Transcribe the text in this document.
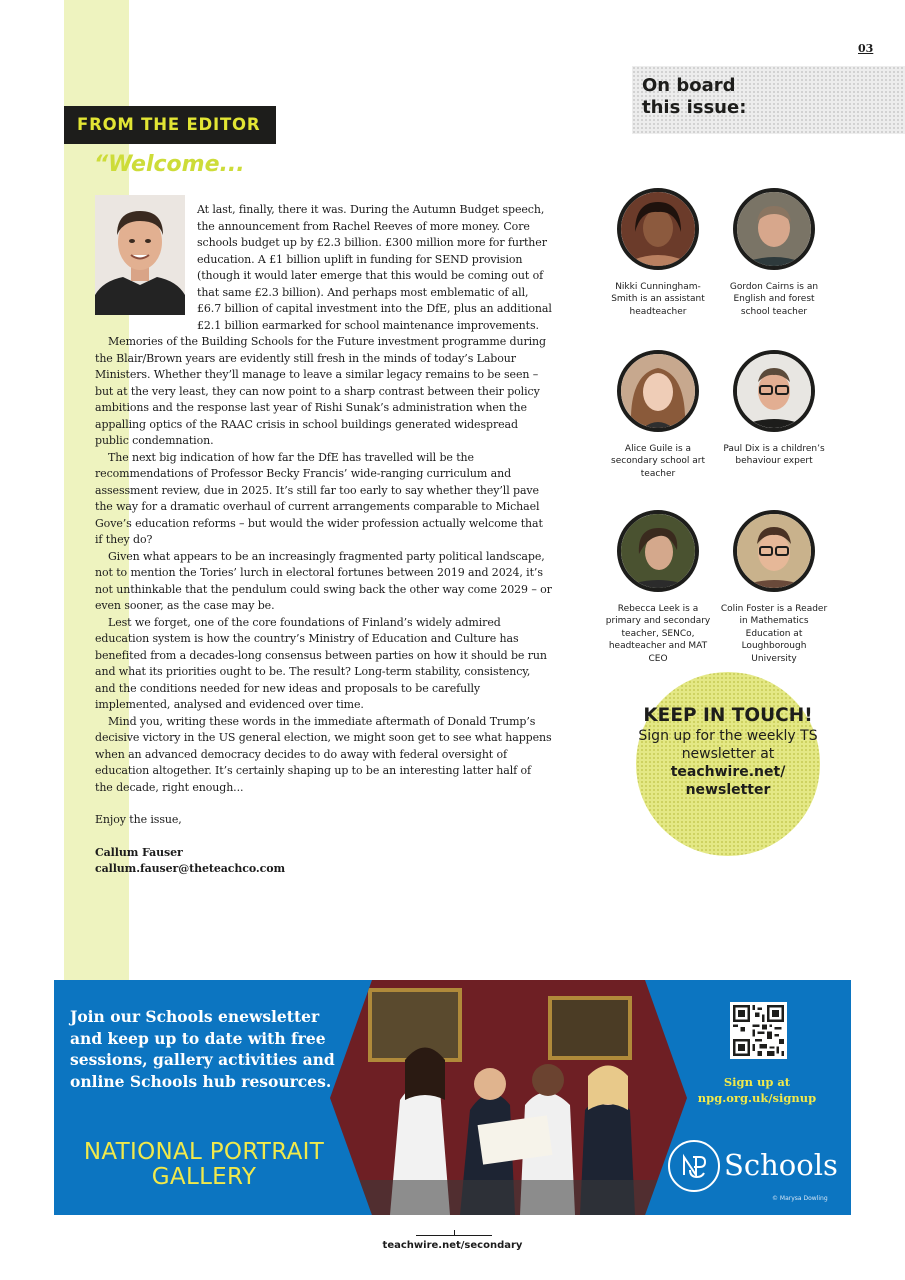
03
FROM THE EDITOR
“Welcome...

At last, finally, there it was. During the Autumn Budget speech, the announcement from Rachel Reeves of more money. Core schools budget up by £2.3 billion. £300 million more for further education. A £1 billion uplift in funding for SEND provision (though it would later emerge that this would be coming out of that same £2.3 billion). And perhaps most emblematic of all, £6.7 billion of capital investment into the DfE, plus an additional £2.1 billion earmarked for school maintenance improvements.

Memories of the Building Schools for the Future investment programme during the Blair/Brown years are evidently still fresh in the minds of today’s Labour Ministers. Whether they’ll manage to leave a similar legacy remains to be seen – but at the very least, they can now point to a sharp contrast between their policy ambitions and the response last year of Rishi Sunak’s administration when the appalling optics of the RAAC crisis in school buildings generated widespread public condemnation.

The next big indication of how far the DfE has travelled will be the recommendations of Professor Becky Francis’ wide-ranging curriculum and assessment review, due in 2025. It’s still far too early to say whether they’ll pave the way for a dramatic overhaul of current arrangements comparable to Michael Gove’s education reforms – but would the wider profession actually welcome that if they do?

Given what appears to be an increasingly fragmented party political landscape, not to mention the Tories’ lurch in electoral fortunes between 2019 and 2024, it’s not unthinkable that the pendulum could swing back the other way come 2029 – or even sooner, as the case may be.

Lest we forget, one of the core foundations of Finland’s widely admired education system is how the country’s Ministry of Education and Culture has benefited from a decades-long consensus between parties on how it should be run and what its priorities ought to be. The result? Long-term stability, consistency, and the conditions needed for new ideas and proposals to be carefully implemented, analysed and evidenced over time.

Mind you, writing these words in the immediate aftermath of Donald Trump’s decisive victory in the US general election, we might soon get to see what happens when an advanced democracy decides to do away with federal oversight of education altogether. It’s certainly shaping up to be an interesting latter half of the decade, right enough...

Enjoy the issue,

Callum Fauser
callum.fauser@theteachco.com

On board this issue:
Nikki Cunningham-Smith is an assistant headteacher
Gordon Cairns is an English and forest school teacher
Alice Guile is a secondary school art teacher
Paul Dix is a children’s behaviour expert
Rebecca Leek is a primary and secondary teacher, SENCo, headteacher and MAT CEO
Colin Foster is a Reader in Mathematics Education at Loughborough University
KEEP IN TOUCH!
Sign up for the weekly TS newsletter at teachwire.net/ newsletter
Join our Schools enewsletter and keep up to date with free sessions, gallery activities and online Schools hub resources.
NATIONAL PORTRAIT GALLERY
Sign up at
npg.org.uk/signup
Schools
© Marysa Dowling
teachwire.net/secondary
